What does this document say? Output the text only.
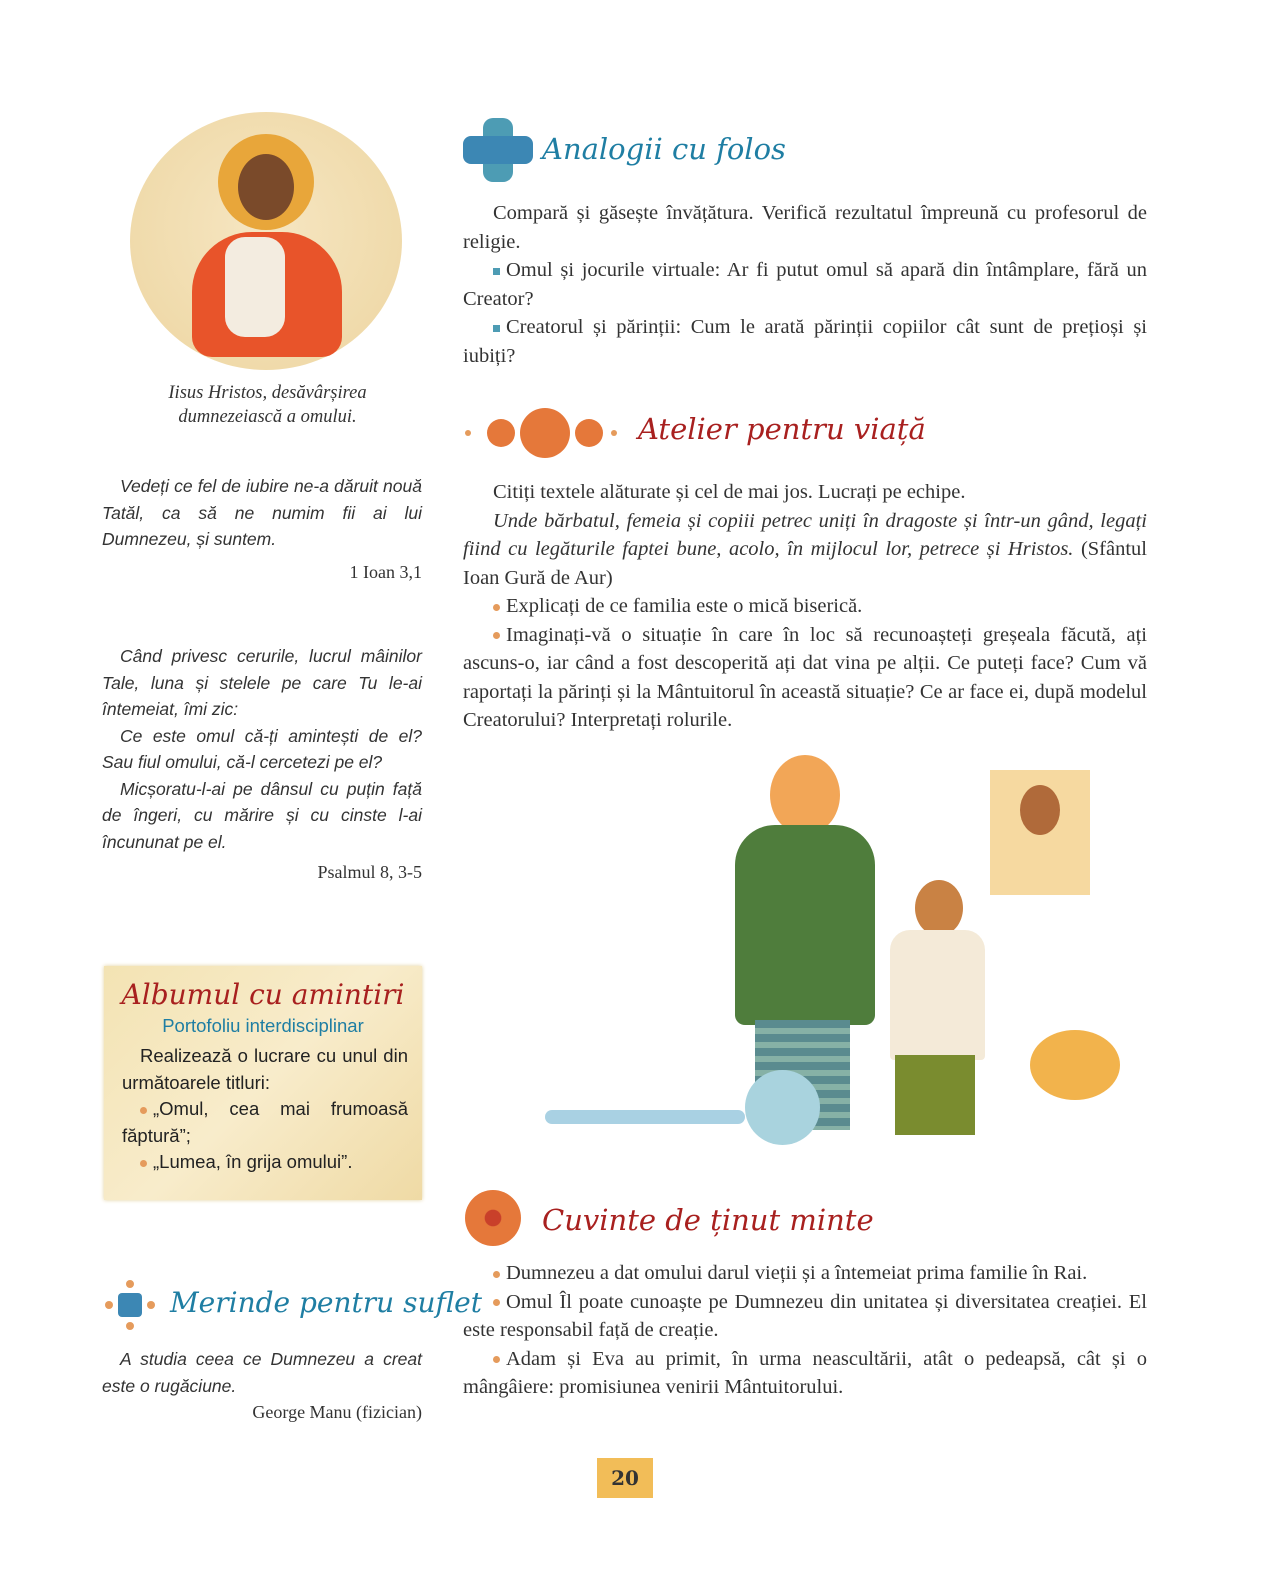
Iisus Hristos, desăvârșirea dumnezeiască a omului.

Vedeți ce fel de iubire ne-a dăruit nouă Tatăl, ca să ne numim fii ai lui Dumnezeu, și suntem.

1 Ioan 3,1

Când privesc cerurile, lucrul mâinilor Tale, luna și stelele pe care Tu le-ai întemeiat, îmi zic:

Ce este omul că-ți amintești de el? Sau fiul omului, că-l cercetezi pe el?

Micșoratu-l-ai pe dânsul cu puțin față de îngeri, cu mărire și cu cinste l-ai încununat pe el.

Psalmul 8, 3-5
Albumul cu amintiri
Portofoliu interdisciplinar

Realizează o lucrare cu unul din următoarele titluri:

„Omul, cea mai frumoasă făptură”;

„Lumea, în grija omului”.

Merinde pentru suflet

A studia ceea ce Dumnezeu a creat este o rugăciune.

George Manu (fizician)
Analogii cu folos

Compară și găsește învățătura. Verifică rezultatul împreună cu profesorul de religie.

Omul și jocurile virtuale: Ar fi putut omul să apară din întâmplare, fără un Creator?

Creatorul și părinții: Cum le arată părinții copiilor cât sunt de prețioși și iubiți?

Atelier pentru viață

Citiți textele alăturate și cel de mai jos. Lucrați pe echipe.

Unde bărbatul, femeia și copiii petrec uniți în dragoste și într-un gând, legați fiind cu legăturile faptei bune, acolo, în mijlocul lor, petrece și Hristos. (Sfântul Ioan Gură de Aur)

Explicați de ce familia este o mică biserică.

Imaginați-vă o situație în care în loc să recunoașteți greșeala făcută, ați ascuns-o, iar când a fost descoperită ați dat vina pe alții. Ce puteți face? Cum vă raportați la părinți și la Mântuitorul în această situație? Ce ar face ei, după modelul Creatorului? Interpretați rolurile.

Cuvinte de ținut minte

Dumnezeu a dat omului darul vieții și a întemeiat prima familie în Rai.

Omul Îl poate cunoaște pe Dumnezeu din unitatea și diversitatea creației. El este responsabil față de creație.

Adam și Eva au primit, în urma neascultării, atât o pedeapsă, cât și o mângâiere: promisiunea venirii Mântuitorului.

20
